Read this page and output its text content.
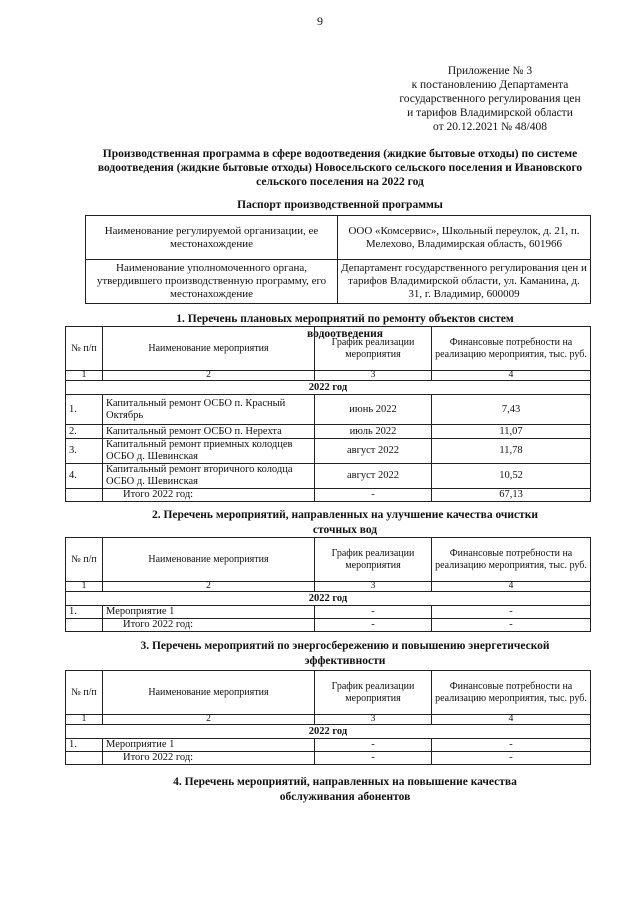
9
Приложение № 3
к постановлению Департамента
государственного регулирования цен
и тарифов Владимирской области
от 20.12.2021 № 48/408
Производственная программа в сфере водоотведения (жидкие бытовые отходы) по системе водоотведения (жидкие бытовые отходы) Новосельского сельского поселения и Ивановского сельского поселения на 2022 год
Паспорт производственной программы
Наименование регулируемой организации, ее местонахождение	ООО «Комсервис», Школьный переулок, д. 21, п. Мелехово, Владимирская область, 601966
Наименование уполномоченного органа, утвердившего производственную программу, его местонахождение	Департамент государственного регулирования цен и тарифов Владимирской области, ул. Каманина, д. 31, г. Владимир, 600009
1. Перечень плановых мероприятий по ремонту объектов систем водоотведения
№ п/п	Наименование мероприятия	График реализации мероприятия	Финансовые потребности на реализацию мероприятия, тыс. руб.
1	2	3	4
2022 год			
1.	Капитальный ремонт ОСБО п. Красный Октябрь	июнь 2022	7,43
2.	Капитальный ремонт ОСБО п. Нерехта	июль 2022	11,07
3.	Капитальный ремонт приемных колодцев ОСБО д. Шевинская	август 2022	11,78
4.	Капитальный ремонт вторичного колодца ОСБО д. Шевинская	август 2022	10,52
	Итого 2022 год:	-	67,13
2. Перечень мероприятий, направленных на улучшение качества очистки сточных вод
№ п/п	Наименование мероприятия	График реализации мероприятия	Финансовые потребности на реализацию мероприятия, тыс. руб.
1	2	3	4
2022 год			
1.	Мероприятие 1	-	-
	Итого 2022 год:	-	-
3. Перечень мероприятий по энергосбережению и повышению энергетической эффективности
№ п/п	Наименование мероприятия	График реализации мероприятия	Финансовые потребности на реализацию мероприятия, тыс. руб.
1	2	3	4
2022 год			
1.	Мероприятие 1	-	-
	Итого 2022 год:	-	-
4. Перечень мероприятий, направленных на повышение качества обслуживания абонентов
